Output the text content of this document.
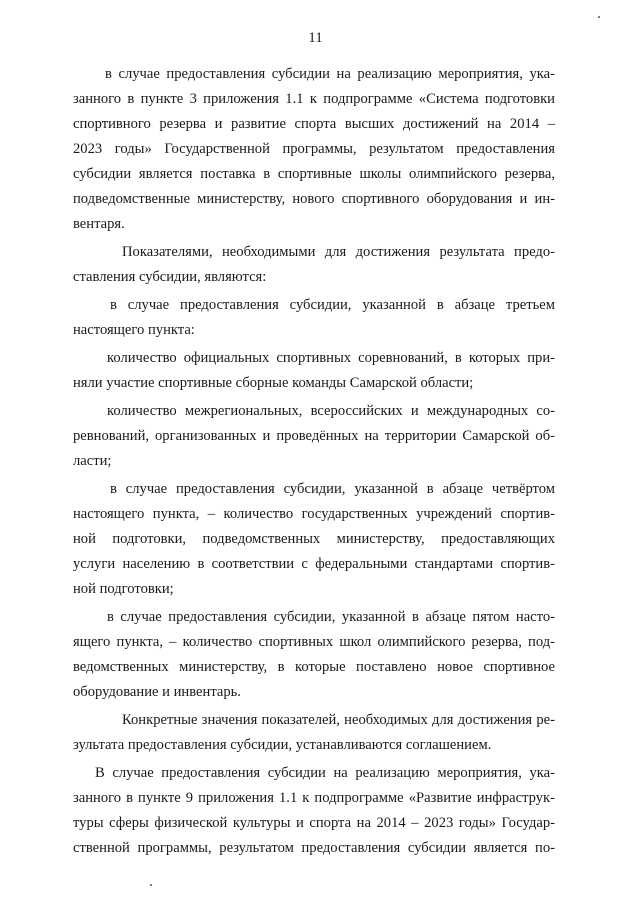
11
в случае предоставления субсидии на реализацию мероприятия, ука-
занного в пункте 3 приложения 1.1 к подпрограмме «Система подготовки
спортивного резерва и развитие спорта высших достижений на 2014 –
2023 годы» Государственной программы, результатом предоставления
субсидии является поставка в спортивные школы олимпийского резерва,
подведомственные министерству, нового спортивного оборудования и ин-
вентаря.
Показателями, необходимыми для достижения результата предо-
ставления субсидии, являются:
в случае предоставления субсидии, указанной в абзаце третьем
настоящего пункта:
количество официальных спортивных соревнований, в которых при-
няли участие спортивные сборные команды Самарской области;
количество межрегиональных, всероссийских и международных со-
ревнований, организованных и проведённых на территории Самарской об-
ласти;
в случае предоставления субсидии, указанной в абзаце четвёртом
настоящего пункта, – количество государственных учреждений спортив-
ной подготовки, подведомственных министерству, предоставляющих
услуги населению в соответствии с федеральными стандартами спортив-
ной подготовки;
в случае предоставления субсидии, указанной в абзаце пятом насто-
ящего пункта, – количество спортивных школ олимпийского резерва, под-
ведомственных министерству, в которые поставлено новое спортивное
оборудование и инвентарь.
Конкретные значения показателей, необходимых для достижения ре-
зультата предоставления субсидии, устанавливаются соглашением.
В случае предоставления субсидии на реализацию мероприятия, ука-
занного в пункте 9 приложения 1.1 к подпрограмме «Развитие инфраструк-
туры сферы физической культуры и спорта на 2014 – 2023 годы» Государ-
ственной программы, результатом предоставления субсидии является по-
